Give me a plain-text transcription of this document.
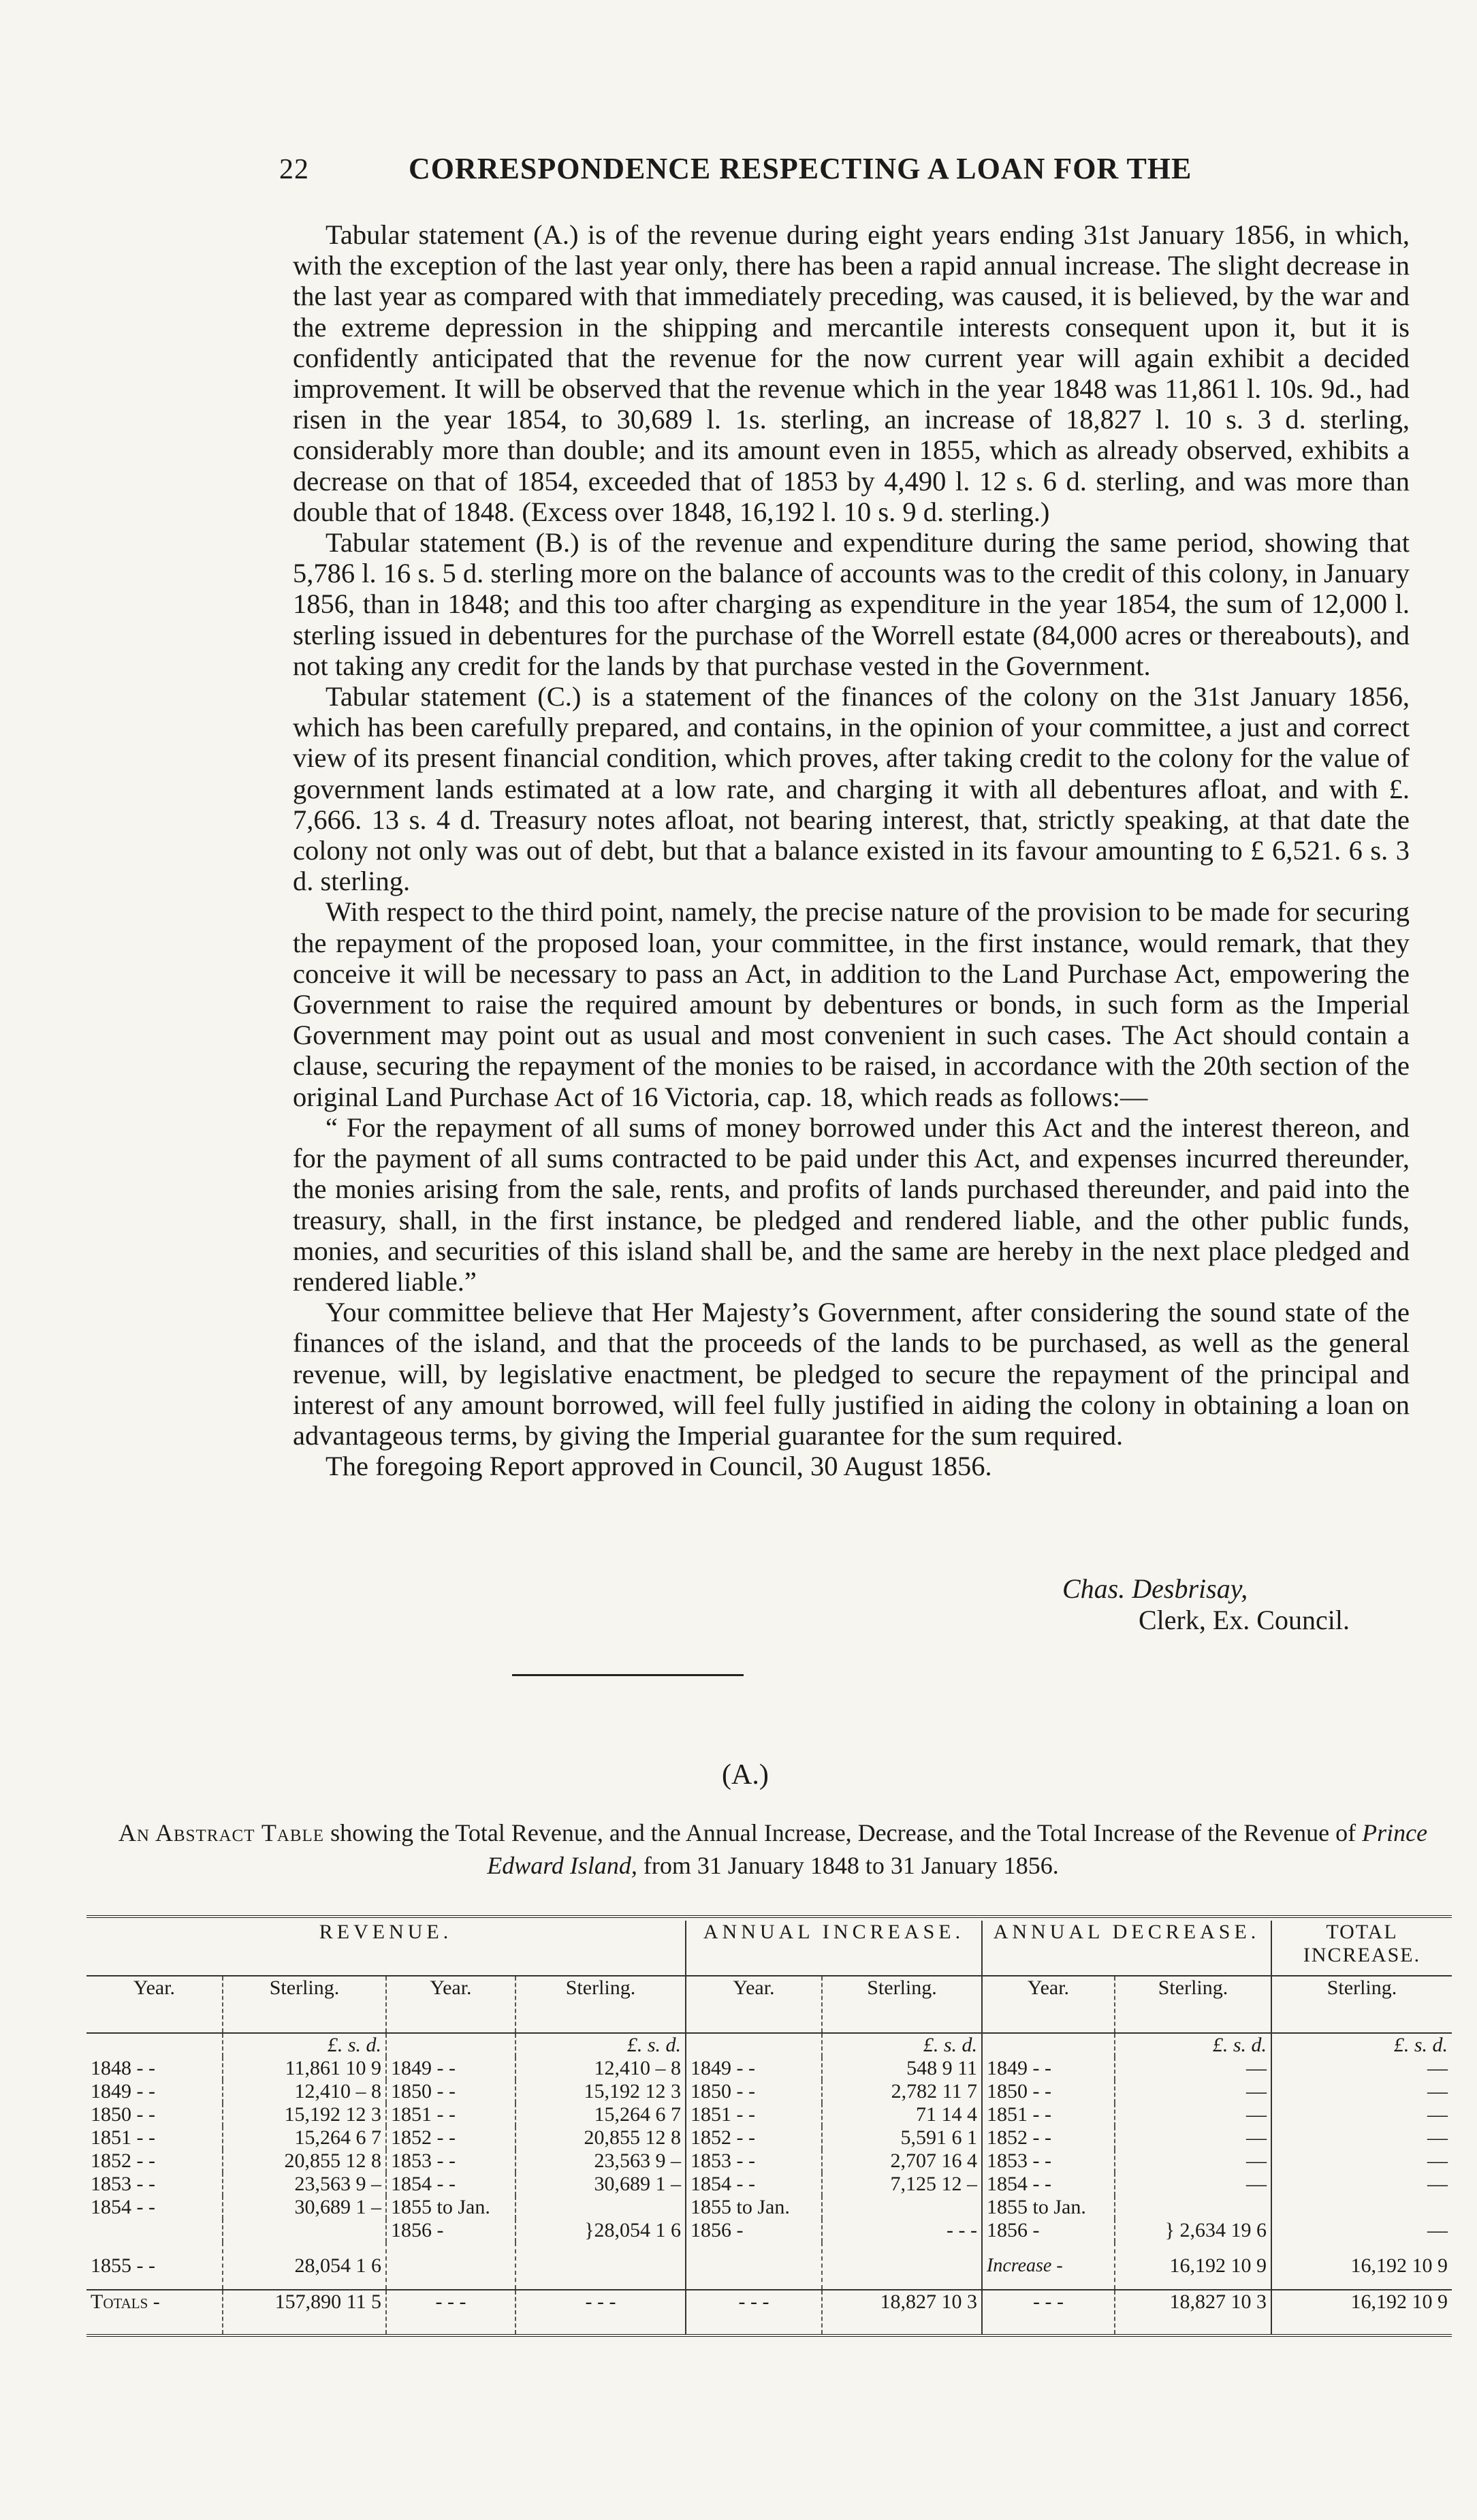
22	CORRESPONDENCE RESPECTING A LOAN FOR THE

Tabular statement (A.) is of the revenue during eight years ending 31st January 1856, in which, with the exception of the last year only, there has been a rapid annual increase. The slight decrease in the last year as compared with that immediately preceding, was caused, it is believed, by the war and the extreme depression in the shipping and mercantile interests consequent upon it, but it is confidently anticipated that the revenue for the now current year will again exhibit a decided improvement. It will be observed that the revenue which in the year 1848 was 11,861 l. 10s. 9d., had risen in the year 1854, to 30,689 l. 1s. sterling, an increase of 18,827 l. 10 s. 3 d. sterling, considerably more than double; and its amount even in 1855, which as already observed, exhibits a decrease on that of 1854, exceeded that of 1853 by 4,490 l. 12 s. 6 d. sterling, and was more than double that of 1848. (Excess over 1848, 16,192 l. 10 s. 9 d. sterling.)

Tabular statement (B.) is of the revenue and expenditure during the same period, showing that 5,786 l. 16 s. 5 d. sterling more on the balance of accounts was to the credit of this colony, in January 1856, than in 1848; and this too after charging as expenditure in the year 1854, the sum of 12,000 l. sterling issued in debentures for the purchase of the Worrell estate (84,000 acres or thereabouts), and not taking any credit for the lands by that purchase vested in the Government.

Tabular statement (C.) is a statement of the finances of the colony on the 31st January 1856, which has been carefully prepared, and contains, in the opinion of your committee, a just and correct view of its present financial condition, which proves, after taking credit to the colony for the value of government lands estimated at a low rate, and charging it with all debentures afloat, and with £. 7,666. 13 s. 4 d. Treasury notes afloat, not bearing interest, that, strictly speaking, at that date the colony not only was out of debt, but that a balance existed in its favour amounting to £ 6,521. 6 s. 3 d. sterling.

With respect to the third point, namely, the precise nature of the provision to be made for securing the repayment of the proposed loan, your committee, in the first instance, would remark, that they conceive it will be necessary to pass an Act, in addition to the Land Purchase Act, empowering the Government to raise the required amount by debentures or bonds, in such form as the Imperial Government may point out as usual and most convenient in such cases. The Act should contain a clause, securing the repayment of the monies to be raised, in accordance with the 20th section of the original Land Purchase Act of 16 Victoria, cap. 18, which reads as follows:—

“ For the repayment of all sums of money borrowed under this Act and the interest thereon, and for the payment of all sums contracted to be paid under this Act, and expenses incurred thereunder, the monies arising from the sale, rents, and profits of lands purchased thereunder, and paid into the treasury, shall, in the first instance, be pledged and rendered liable, and the other public funds, monies, and securities of this island shall be, and the same are hereby in the next place pledged and rendered liable.”

Your committee believe that Her Majesty’s Government, after considering the sound state of the finances of the island, and that the proceeds of the lands to be purchased, as well as the general revenue, will, by legislative enactment, be pledged to secure the repayment of the principal and interest of any amount borrowed, will feel fully justified in aiding the colony in obtaining a loan on advantageous terms, by giving the Imperial guarantee for the sum required.

The foregoing Report approved in Council, 30 August 1856.

Chas. Desbrisay,
Clerk, Ex. Council.
(A.)
An Abstract Table showing the Total Revenue, and the Annual Increase, Decrease, and the Total Increase of the Revenue of Prince Edward Island, from 31 January 1848 to 31 January 1856.

REVENUE.				ANNUAL INCREASE.		ANNUAL DECREASE.		TOTAL INCREASE.
Year.	Sterling.	Year.	Sterling.	Year.	Sterling.	Year.	Sterling.	Sterling.
	£. s. d.		£. s. d.		£. s. d.		£. s. d.	£. s. d.
1848 - -	11,861 10 9	1849 - -	12,410 – 8	1849 - -	548 9 11	1849 - -	—	—
1849 - -	12,410 – 8	1850 - -	15,192 12 3	1850 - -	2,782 11 7	1850 - -	—	—
1850 - -	15,192 12 3	1851 - -	15,264 6 7	1851 - -	71 14 4	1851 - -	—	—
1851 - -	15,264 6 7	1852 - -	20,855 12 8	1852 - -	5,591 6 1	1852 - -	—	—
1852 - -	20,855 12 8	1853 - -	23,563 9 –	1853 - -	2,707 16 4	1853 - -	—	—
1853 - -	23,563 9 –	1854 - -	30,689 1 –	1854 - -	7,125 12 –	1854 - -	—	—
1854 - -	30,689 1 –	1855 to Jan.		1855 to Jan.		1855 to Jan.		
		1856 -	}28,054 1 6	1856 -	- - -	1856 -	} 2,634 19 6	—
1855 - -	28,054 1 6					Increase -	16,192 10 9	16,192 10 9
Totals -	157,890 11 5	- - -	- - -	- - -	18,827 10 3	- - -	18,827 10 3	16,192 10 9
